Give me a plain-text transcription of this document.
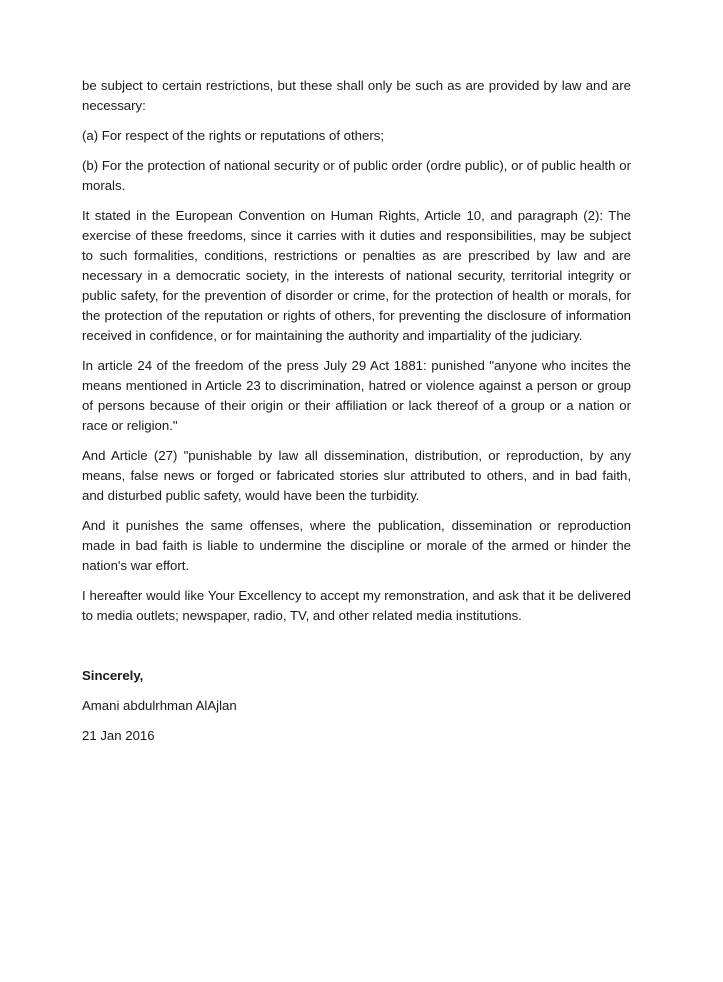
be subject to certain restrictions, but these shall only be such as are provided by law and are necessary:

(a) For respect of the rights or reputations of others;

(b) For the protection of national security or of public order (ordre public), or of public health or morals.

It stated in the European Convention on Human Rights, Article 10, and paragraph (2): The exercise of these freedoms, since it carries with it duties and responsibilities, may be subject to such formalities, conditions, restrictions or penalties as are prescribed by law and are necessary in a democratic society, in the interests of national security, territorial integrity or public safety, for the prevention of disorder or crime, for the protection of health or morals, for the protection of the reputation or rights of others, for preventing the disclosure of information received in confidence, or for maintaining the authority and impartiality of the judiciary.

In article 24 of the freedom of the press July 29 Act 1881: punished "anyone who incites the means mentioned in Article 23 to discrimination, hatred or violence against a person or group of persons because of their origin or their affiliation or lack thereof of a group or a nation or race or religion."

And Article (27) "punishable by law all dissemination, distribution, or reproduction, by any means, false news or forged or fabricated stories slur attributed to others, and in bad faith, and disturbed public safety, would have been the turbidity.

And it punishes the same offenses, where the publication, dissemination or reproduction made in bad faith is liable to undermine the discipline or morale of the armed or hinder the nation's war effort.

I hereafter would like Your Excellency to accept my remonstration, and ask that it be delivered to media outlets; newspaper, radio, TV, and other related media institutions.

Sincerely,

Amani abdulrhman AlAjlan

21 Jan 2016
